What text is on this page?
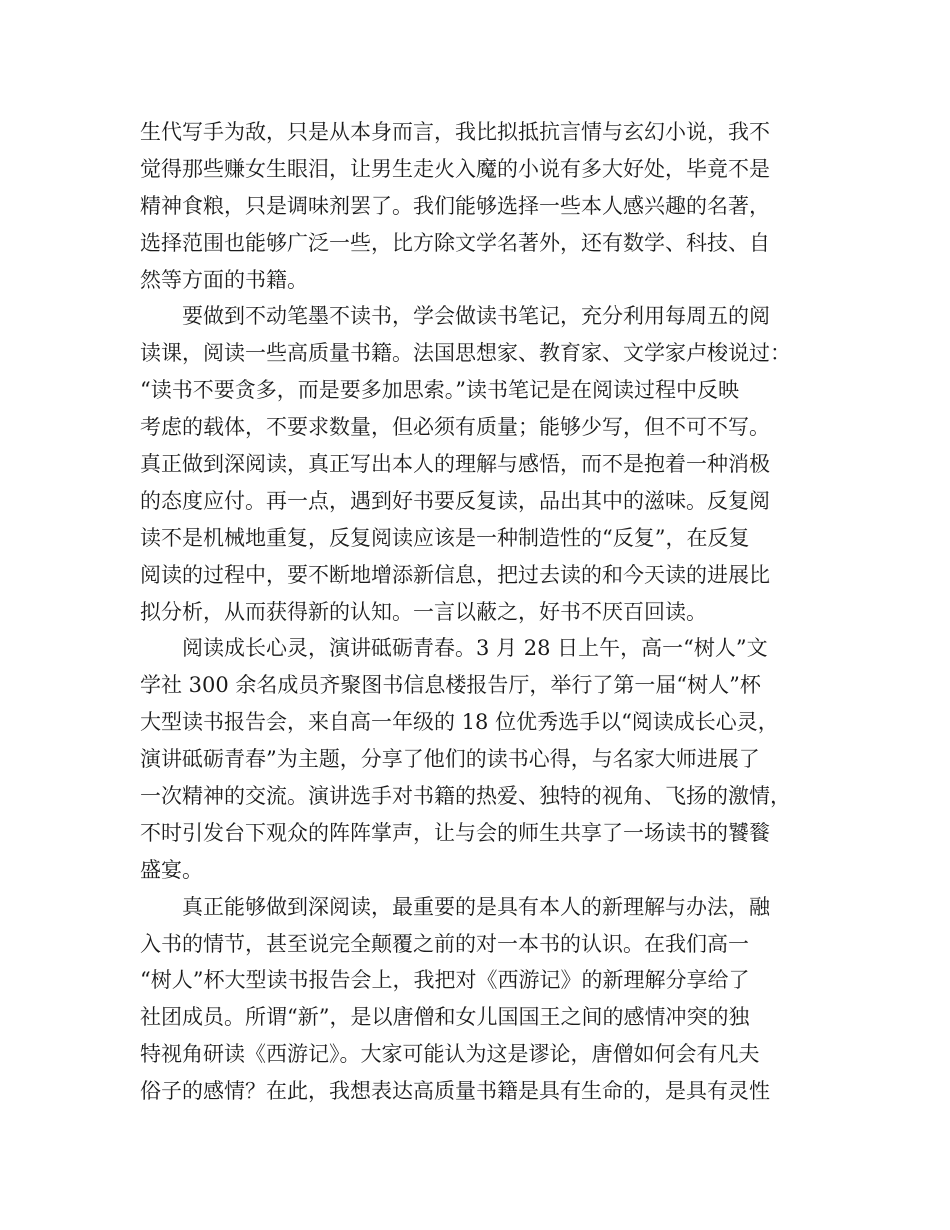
生代写手为敌，只是从本身而言，我比拟抵抗言情与玄幻小说，我不
觉得那些赚女生眼泪，让男生走火入魔的小说有多大好处，毕竟不是
精神食粮，只是调味剂罢了。我们能够选择一些本人感兴趣的名著，
选择范围也能够广泛一些，比方除文学名著外，还有数学、科技、自
然等方面的书籍。
要做到不动笔墨不读书，学会做读书笔记，充分利用每周五的阅
读课，阅读一些高质量书籍。法国思想家、教育家、文学家卢梭说过：
“读书不要贪多，而是要多加思索。”读书笔记是在阅读过程中反映
考虑的载体，不要求数量，但必须有质量；能够少写，但不可不写。
真正做到深阅读，真正写出本人的理解与感悟，而不是抱着一种消极
的态度应付。再一点，遇到好书要反复读，品出其中的滋味。反复阅
读不是机械地重复，反复阅读应该是一种制造性的“反复”，在反复
阅读的过程中，要不断地增添新信息，把过去读的和今天读的进展比
拟分析，从而获得新的认知。一言以蔽之，好书不厌百回读。
阅读成长心灵，演讲砥砺青春。3 月 28 日上午，高一“树人”文
学社 300 余名成员齐聚图书信息楼报告厅，举行了第一届“树人”杯
大型读书报告会，来自高一年级的 18 位优秀选手以“阅读成长心灵，
演讲砥砺青春”为主题，分享了他们的读书心得，与名家大师进展了
一次精神的交流。演讲选手对书籍的热爱、独特的视角、飞扬的激情，
不时引发台下观众的阵阵掌声，让与会的师生共享了一场读书的饕餮
盛宴。
真正能够做到深阅读，最重要的是具有本人的新理解与办法，融
入书的情节，甚至说完全颠覆之前的对一本书的认识。在我们高一
“树人”杯大型读书报告会上，我把对《西游记》的新理解分享给了
社团成员。所谓“新”，是以唐僧和女儿国国王之间的感情冲突的独
特视角研读《西游记》。大家可能认为这是谬论，唐僧如何会有凡夫
俗子的感情？在此，我想表达高质量书籍是具有生命的，是具有灵性
